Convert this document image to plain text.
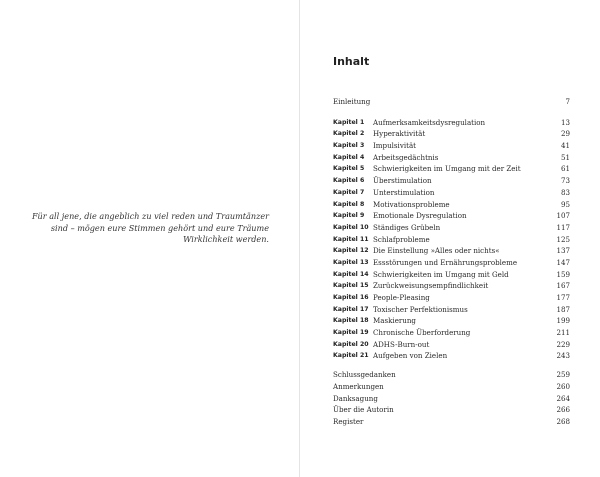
Für all jene, die angeblich zu viel reden und Traumtänzer
sind – mögen eure Stimmen gehört und eure Träume
Wirklichkeit werden.
Inhalt
Einleitung	7
Kapitel 1 Aufmerksamkeitsdysregulation	13
Kapitel 2 Hyperaktivität	29
Kapitel 3 Impulsivität	41
Kapitel 4 Arbeitsgedächtnis	51
Kapitel 5 Schwierigkeiten im Umgang mit der Zeit	61
Kapitel 6 Überstimulation	73
Kapitel 7 Unterstimulation	83
Kapitel 8 Motivationsprobleme	95
Kapitel 9 Emotionale Dysregulation	107
Kapitel 10 Ständiges Grübeln	117
Kapitel 11 Schlafprobleme	125
Kapitel 12 Die Einstellung »Alles oder nichts«	137
Kapitel 13 Essstörungen und Ernährungsprobleme	147
Kapitel 14 Schwierigkeiten im Umgang mit Geld	159
Kapitel 15 Zurückweisungsempfindlichkeit	167
Kapitel 16 People-Pleasing	177
Kapitel 17 Toxischer Perfektionismus	187
Kapitel 18 Maskierung	199
Kapitel 19 Chronische Überforderung	211
Kapitel 20 ADHS-Burn-out	229
Kapitel 21 Aufgeben von Zielen	243
Schlussgedanken	259
Anmerkungen	260
Danksagung	264
Über die Autorin	266
Register	268
